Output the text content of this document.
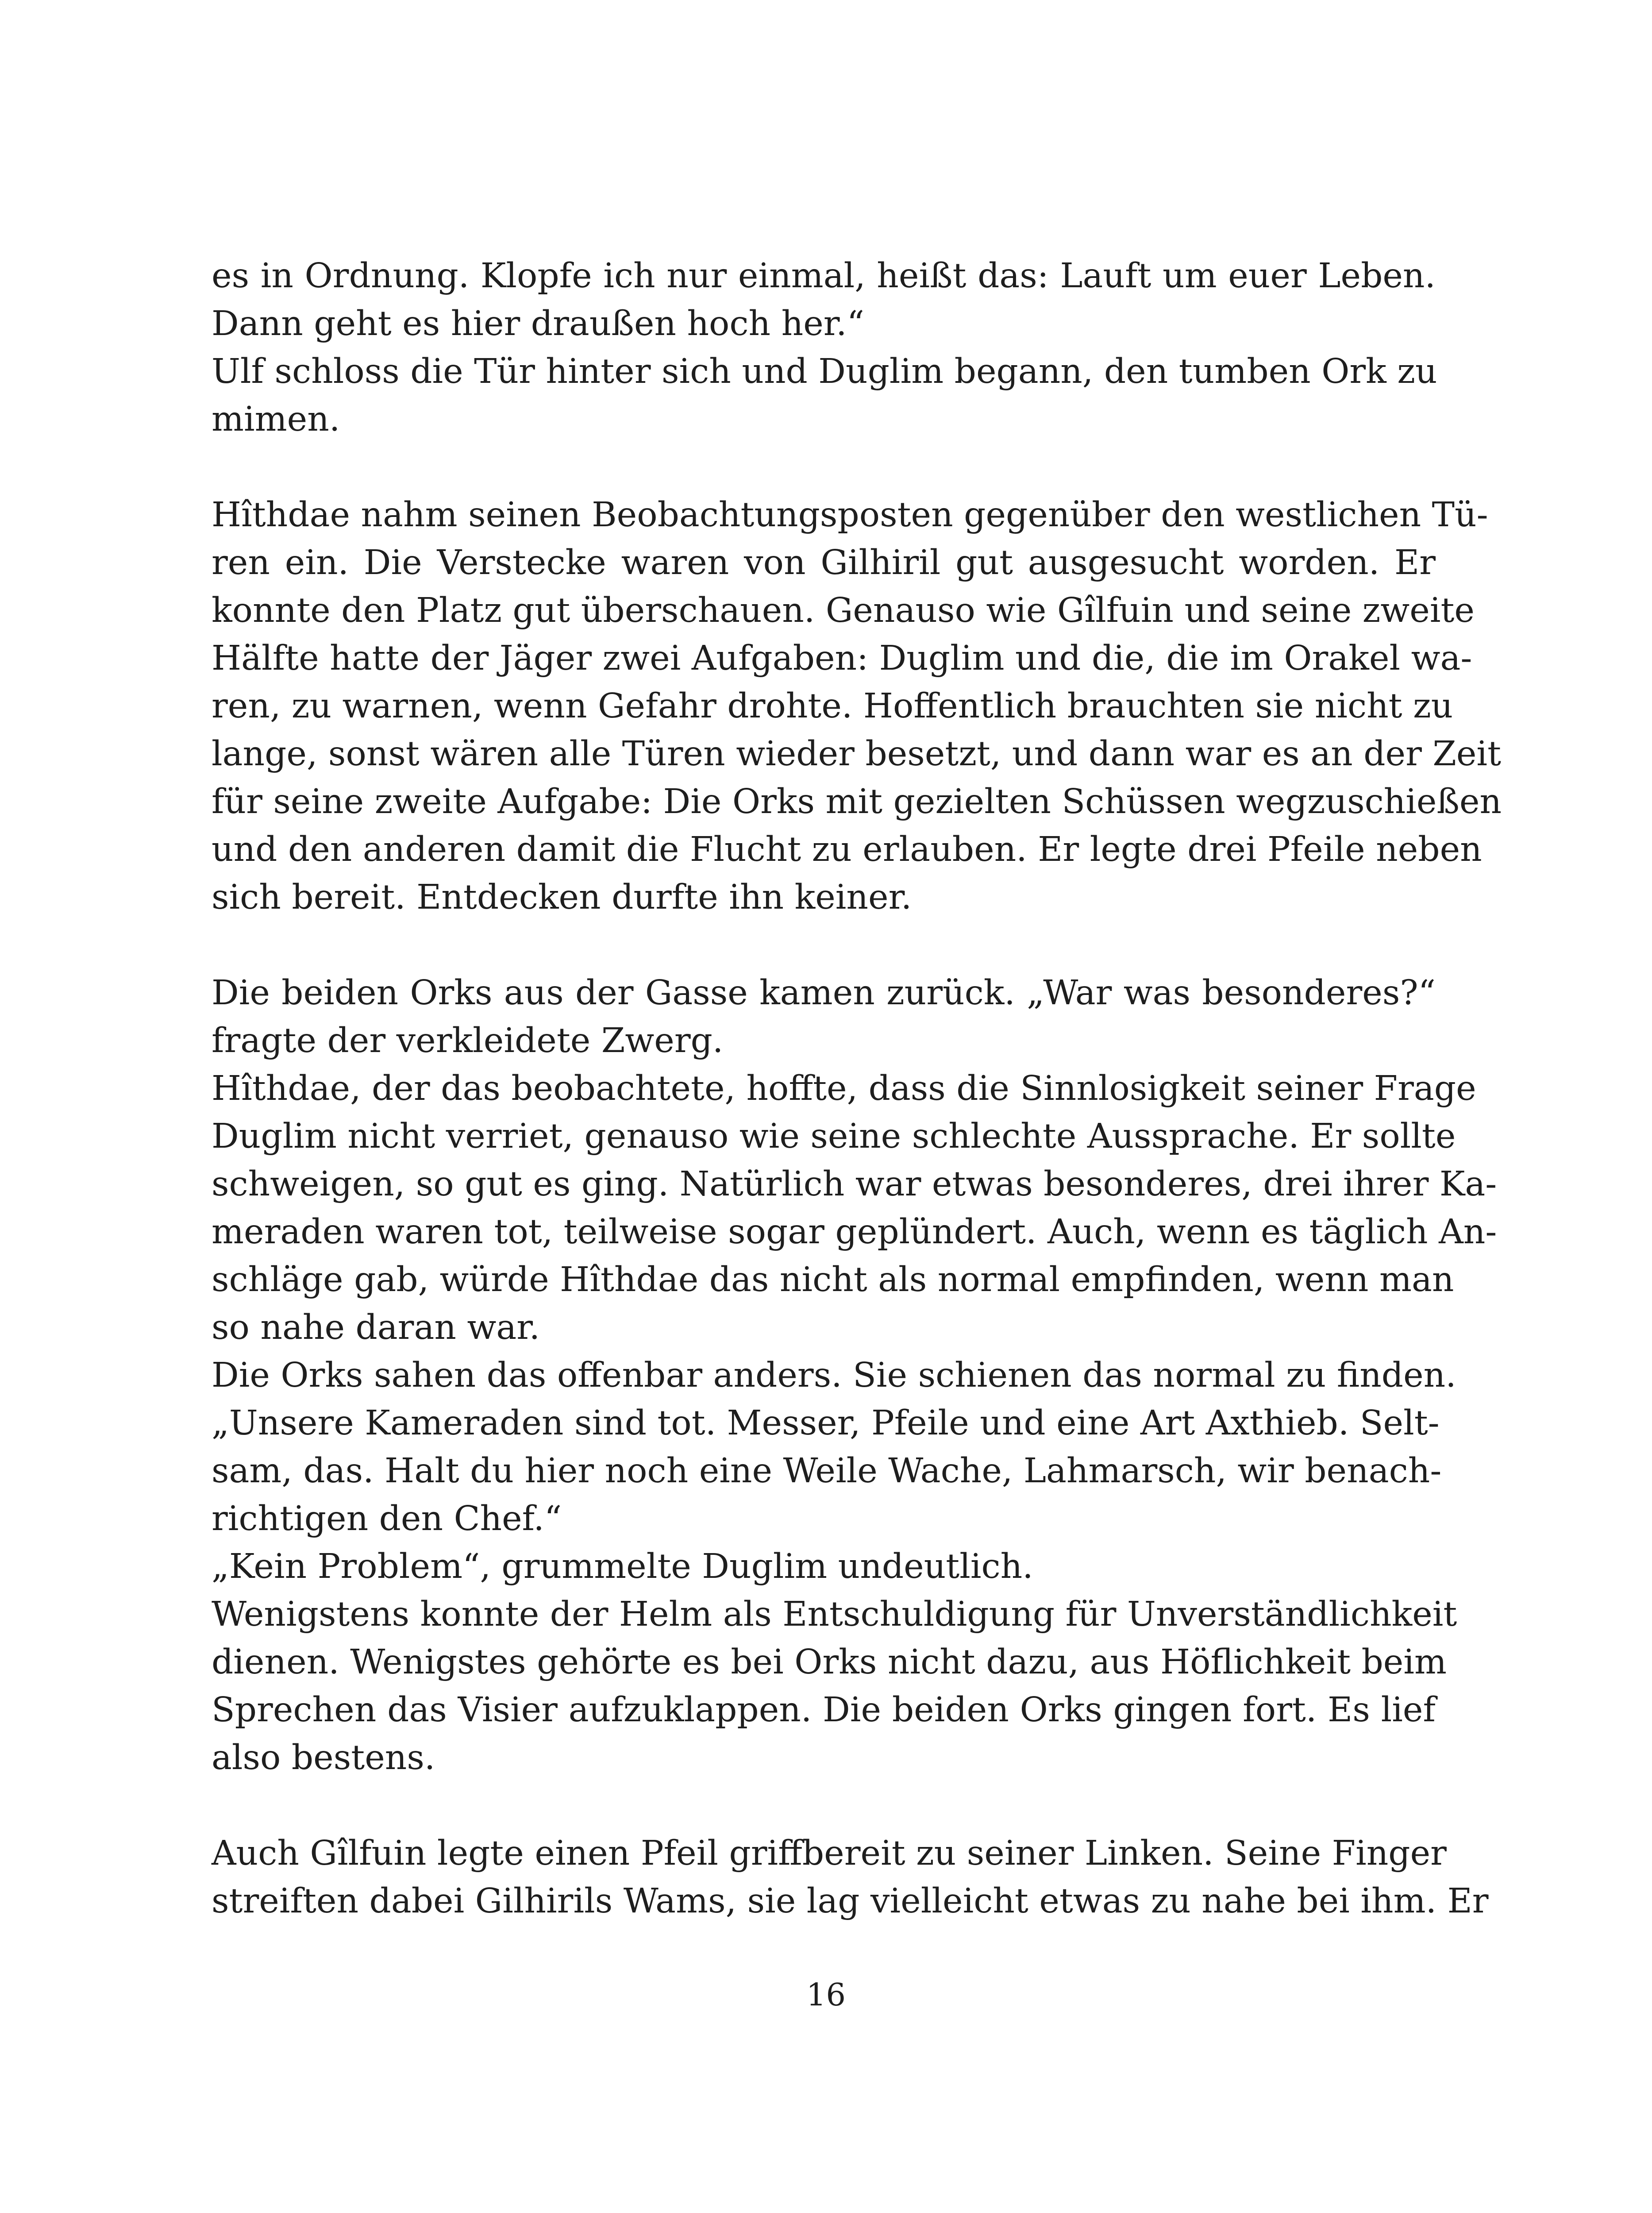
es in Ordnung. Klopfe ich nur einmal, heißt das: Lauft um euer Leben.
Dann geht es hier draußen hoch her.“
Ulf schloss die Tür hinter sich und Duglim begann, den tumben Ork zu
mimen.
Hîthdae nahm seinen Beobachtungsposten gegenüber den westlichen Tü-
ren ein. Die Verstecke waren von Gilhiril gut ausgesucht worden. Er
konnte den Platz gut überschauen. Genauso wie Gîlfuin und seine zweite
Hälfte hatte der Jäger zwei Aufgaben: Duglim und die, die im Orakel wa-
ren, zu warnen, wenn Gefahr drohte. Hoffentlich brauchten sie nicht zu
lange, sonst wären alle Türen wieder besetzt, und dann war es an der Zeit
für seine zweite Aufgabe: Die Orks mit gezielten Schüssen wegzuschießen
und den anderen damit die Flucht zu erlauben. Er legte drei Pfeile neben
sich bereit. Entdecken durfte ihn keiner.
Die beiden Orks aus der Gasse kamen zurück. „War was besonderes?“
fragte der verkleidete Zwerg.
Hîthdae, der das beobachtete, hoffte, dass die Sinnlosigkeit seiner Frage
Duglim nicht verriet, genauso wie seine schlechte Aussprache. Er sollte
schweigen, so gut es ging. Natürlich war etwas besonderes, drei ihrer Ka-
meraden waren tot, teilweise sogar geplündert. Auch, wenn es täglich An-
schläge gab, würde Hîthdae das nicht als normal empfinden, wenn man
so nahe daran war.
Die Orks sahen das offenbar anders. Sie schienen das normal zu finden.
„Unsere Kameraden sind tot. Messer, Pfeile und eine Art Axthieb. Selt-
sam, das. Halt du hier noch eine Weile Wache, Lahmarsch, wir benach-
richtigen den Chef.“
„Kein Problem“, grummelte Duglim undeutlich.
Wenigstens konnte der Helm als Entschuldigung für Unverständlichkeit
dienen. Wenigstes gehörte es bei Orks nicht dazu, aus Höflichkeit beim
Sprechen das Visier aufzuklappen. Die beiden Orks gingen fort. Es lief
also bestens.
Auch Gîlfuin legte einen Pfeil griffbereit zu seiner Linken. Seine Finger
streiften dabei Gilhirils Wams, sie lag vielleicht etwas zu nahe bei ihm. Er
16
